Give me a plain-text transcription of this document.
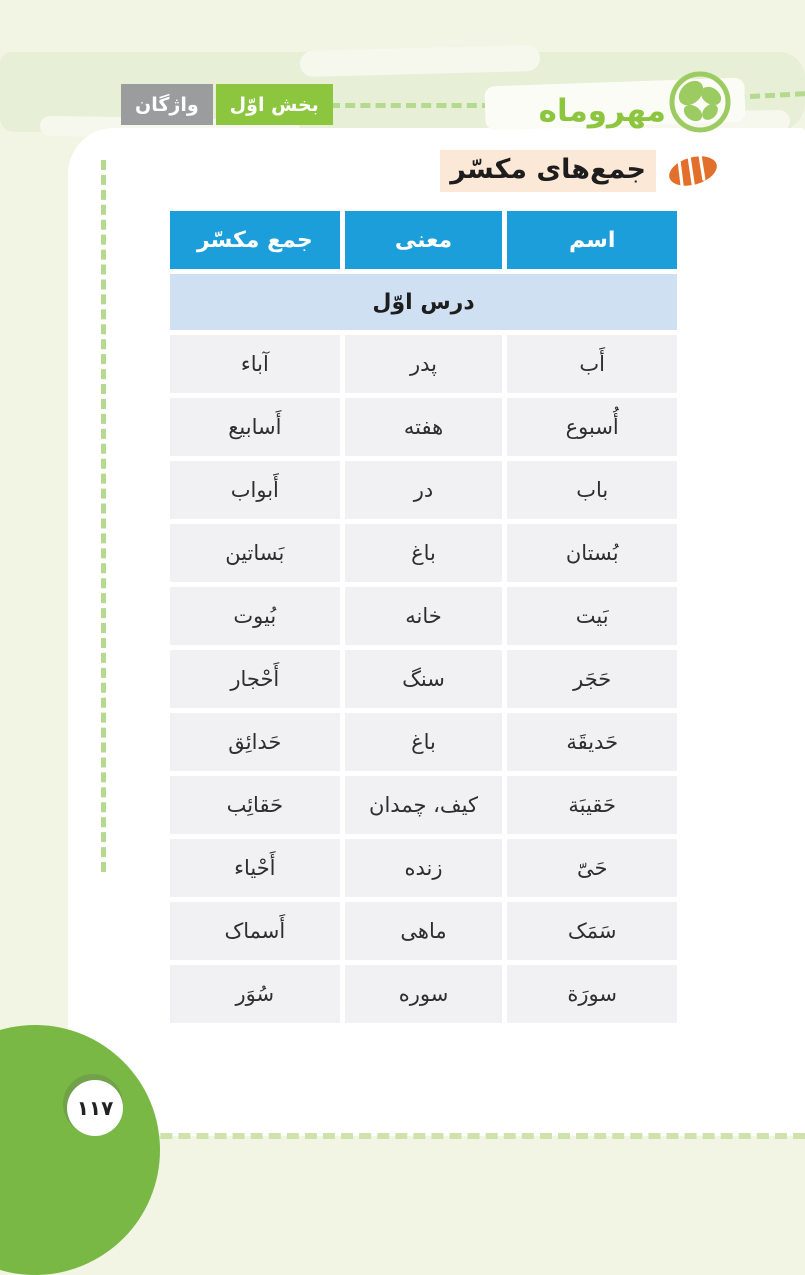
بخش اوّل
واژگان	مهروماه
جمع‌های مکسّر
اسم
معنی
جمع مکسّر
درس اوّل
أَب
پدر
آباء
أُسبوع
هفته
أَسابیع
باب
در
أَبواب
بُستان
باغ
بَساتین
بَیت
خانه
بُیوت
حَجَر
سنگ
أَحْجار
حَدیقَة
باغ
حَدائِق
حَقیبَة
کیف، چمدان
حَقائِب
حَیّ
زنده
أَحْیاء
سَمَک
ماهی
أَسماک
سورَة
سوره
سُوَر
۱۱۷
